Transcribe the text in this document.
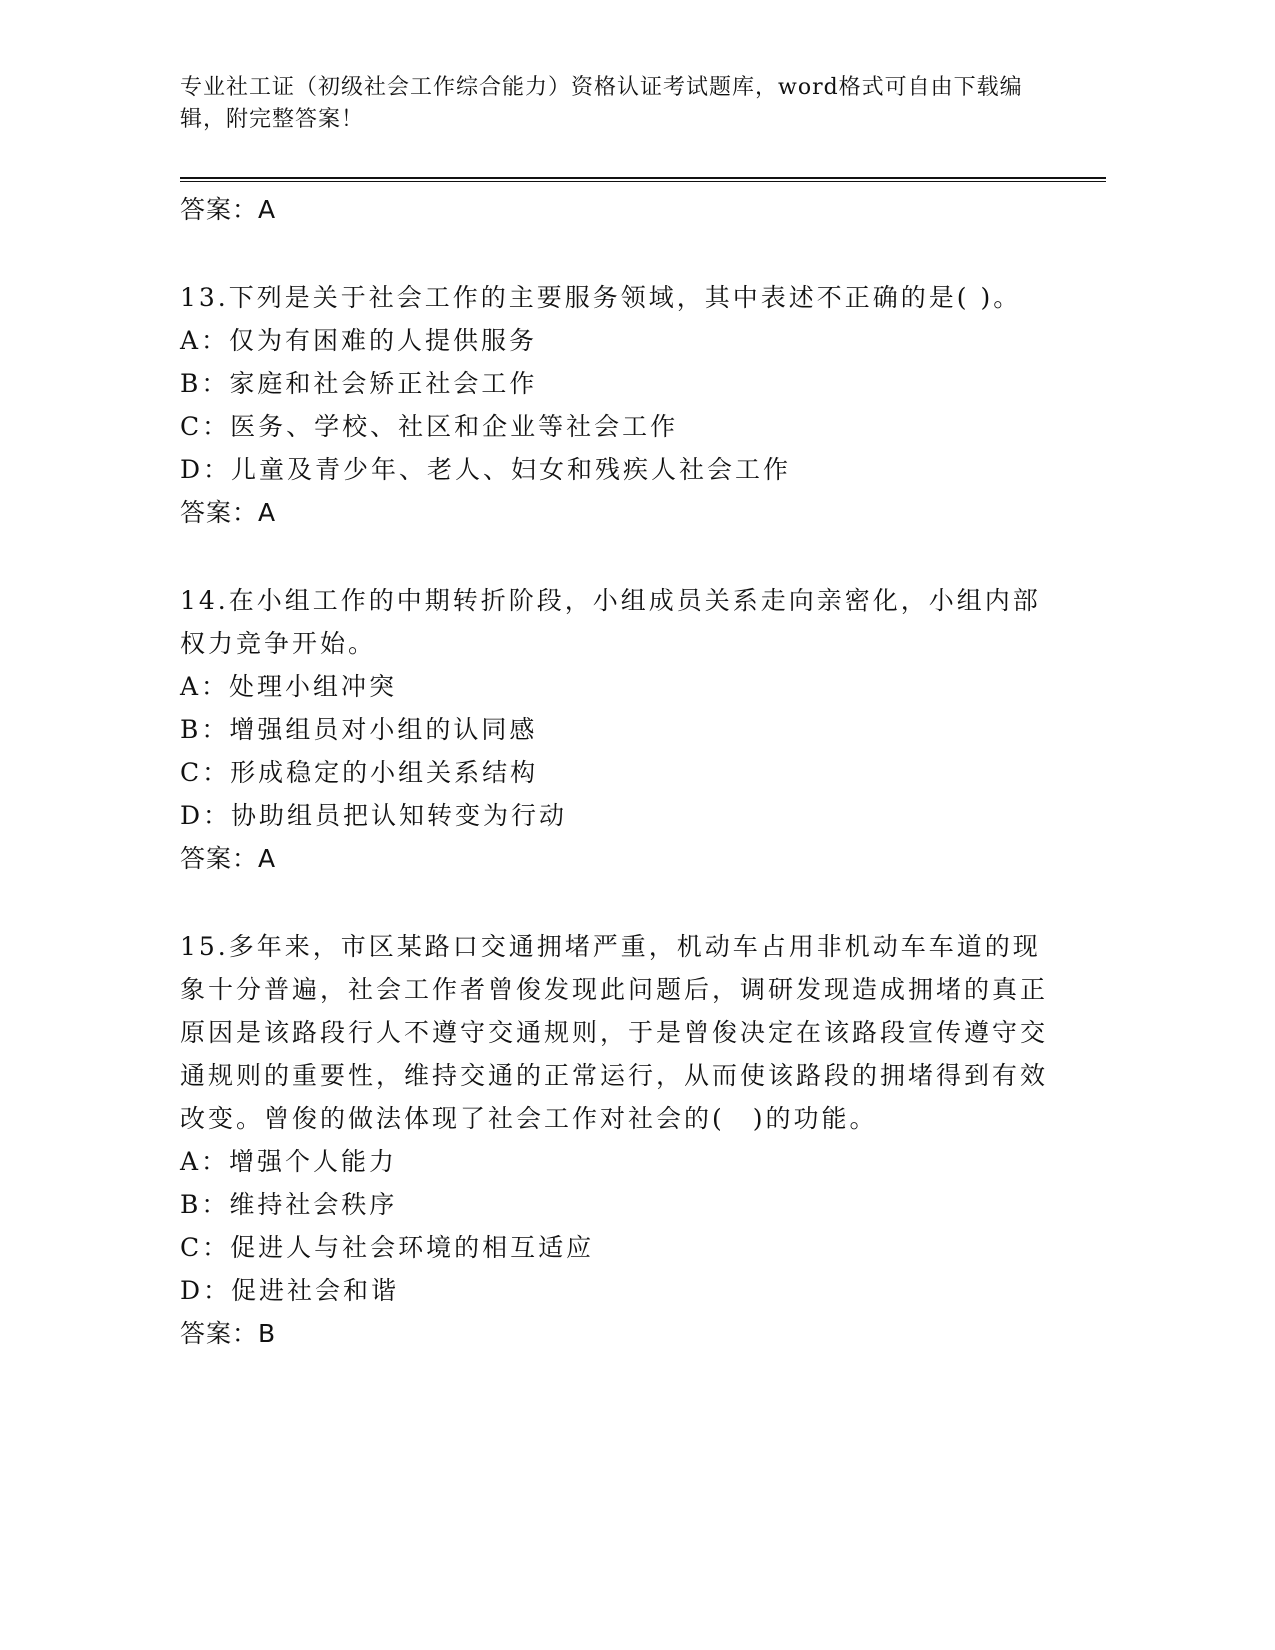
专业社工证（初级社会工作综合能力）资格认证考试题库，word格式可自由下载编辑，附完整答案！

答案：A

13.下列是关于社会工作的主要服务领域，其中表述不正确的是( )。

A：仅为有困难的人提供服务

B：家庭和社会矫正社会工作

C：医务、学校、社区和企业等社会工作

D：儿童及青少年、老人、妇女和残疾人社会工作

答案：A

14.在小组工作的中期转折阶段，小组成员关系走向亲密化，小组内部权力竞争开始。

A：处理小组冲突

B：增强组员对小组的认同感

C：形成稳定的小组关系结构

D：协助组员把认知转变为行动

答案：A

15.多年来，市区某路口交通拥堵严重，机动车占用非机动车车道的现象十分普遍，社会工作者曾俊发现此问题后，调研发现造成拥堵的真正原因是该路段行人不遵守交通规则，于是曾俊决定在该路段宣传遵守交通规则的重要性，维持交通的正常运行，从而使该路段的拥堵得到有效改变。曾俊的做法体现了社会工作对社会的(　)的功能。

A：增强个人能力

B：维持社会秩序

C：促进人与社会环境的相互适应

D：促进社会和谐

答案：B
